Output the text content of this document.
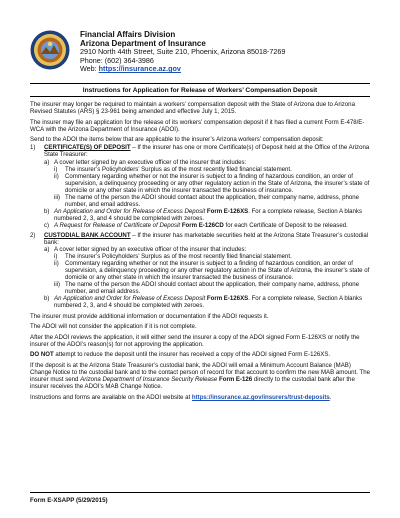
Financial Affairs Division
Arizona Department of Insurance
2910 North 44th Street, Suite 210, Phoenix, Arizona 85018-7269
Phone: (602) 364-3986
Web: https://insurance.az.gov
Instructions for Application for Release of Workers’ Compensation Deposit

The insurer may longer be required to maintain a workers’ compensation deposit with the State of Arizona due to Arizona Revised Statutes (ARS) § 23-961 being amended and effective July 1, 2015.

The insurer may file an application for the release of its workers’ compensation deposit if it has filed a current Form E-478/E-WCA with the Arizona Department of Insurance (ADOI).

Send to the ADOI the items below that are applicable to the insurer’s Arizona workers’ compensation deposit:

1)	CERTIFICATE(S) OF DEPOSIT – If the insurer has one or more Certificate(s) of Deposit held at the Office of the Arizona State Treasurer:
a) A cover letter signed by an executive officer of the insurer that includes:
i)	The insurer’s Policyholders’ Surplus as of the most recently filed financial statement.
ii)	Commentary regarding whether or not the insurer is subject to a finding of hazardous condition, an order of supervision, a delinquency proceeding or any other regulatory action in the State of Arizona, the insurer’s state of domicile or any other state in which the insurer transacted the business of insurance.
iii) The name of the person the ADOI should contact about the application, their company name, address, phone number, and email address.
b) An Application and Order for Release of Excess Deposit Form E-126XS. For a complete release, Section A blanks numbered 2, 3, and 4 should be completed with zeroes.
c) A Request for Release of Certificate of Deposit Form E-126CD for each Certificate of Deposit to be released.
2)	CUSTODIAL BANK ACCOUNT – If the insurer has marketable securities held at the Arizona State Treasurer’s custodial bank:
a) A cover letter signed by an executive officer of the insurer that includes:
i)	The insurer’s Policyholders’ Surplus as of the most recently filed financial statement.
ii)	Commentary regarding whether or not the insurer is subject to a finding of hazardous condition, an order of supervision, a delinquency proceeding or any other regulatory action in the State of Arizona, the insurer’s state of domicile or any other state in which the insurer transacted the business of insurance.
iii) The name of the person the ADOI should contact about the application, their company name, address, phone number, and email address.
b) An Application and Order for Release of Excess Deposit Form E-126XS. For a complete release, Section A blanks numbered 2, 3, and 4 should be completed with zeroes.

The insurer must provide additional information or documentation if the ADOI requests it.

The ADOI will not consider the application if it is not complete.

After the ADOI reviews the application, it will either send the insurer a copy of the ADOI signed Form E-126XS or notify the insurer of the ADOI’s reason(s) for not approving the application.

DO NOT attempt to reduce the deposit until the insurer has received a copy of the ADOI signed Form E-126XS.

If the deposit is at the Arizona State Treasurer’s custodial bank, the ADOI will email a Minimum Account Balance (MAB) Change Notice to the custodial bank and to the contact person of record for that account to confirm the new MAB amount. The insurer must send Arizona Department of Insurance Security Release Form E-126 directly to the custodial bank after the insurer receives the ADOI’s MAB Change Notice.

Instructions and forms are available on the ADOI website at https://insurance.az.gov/insurers/trust-deposits.

Form E-XSAPP (5/29/2015)
